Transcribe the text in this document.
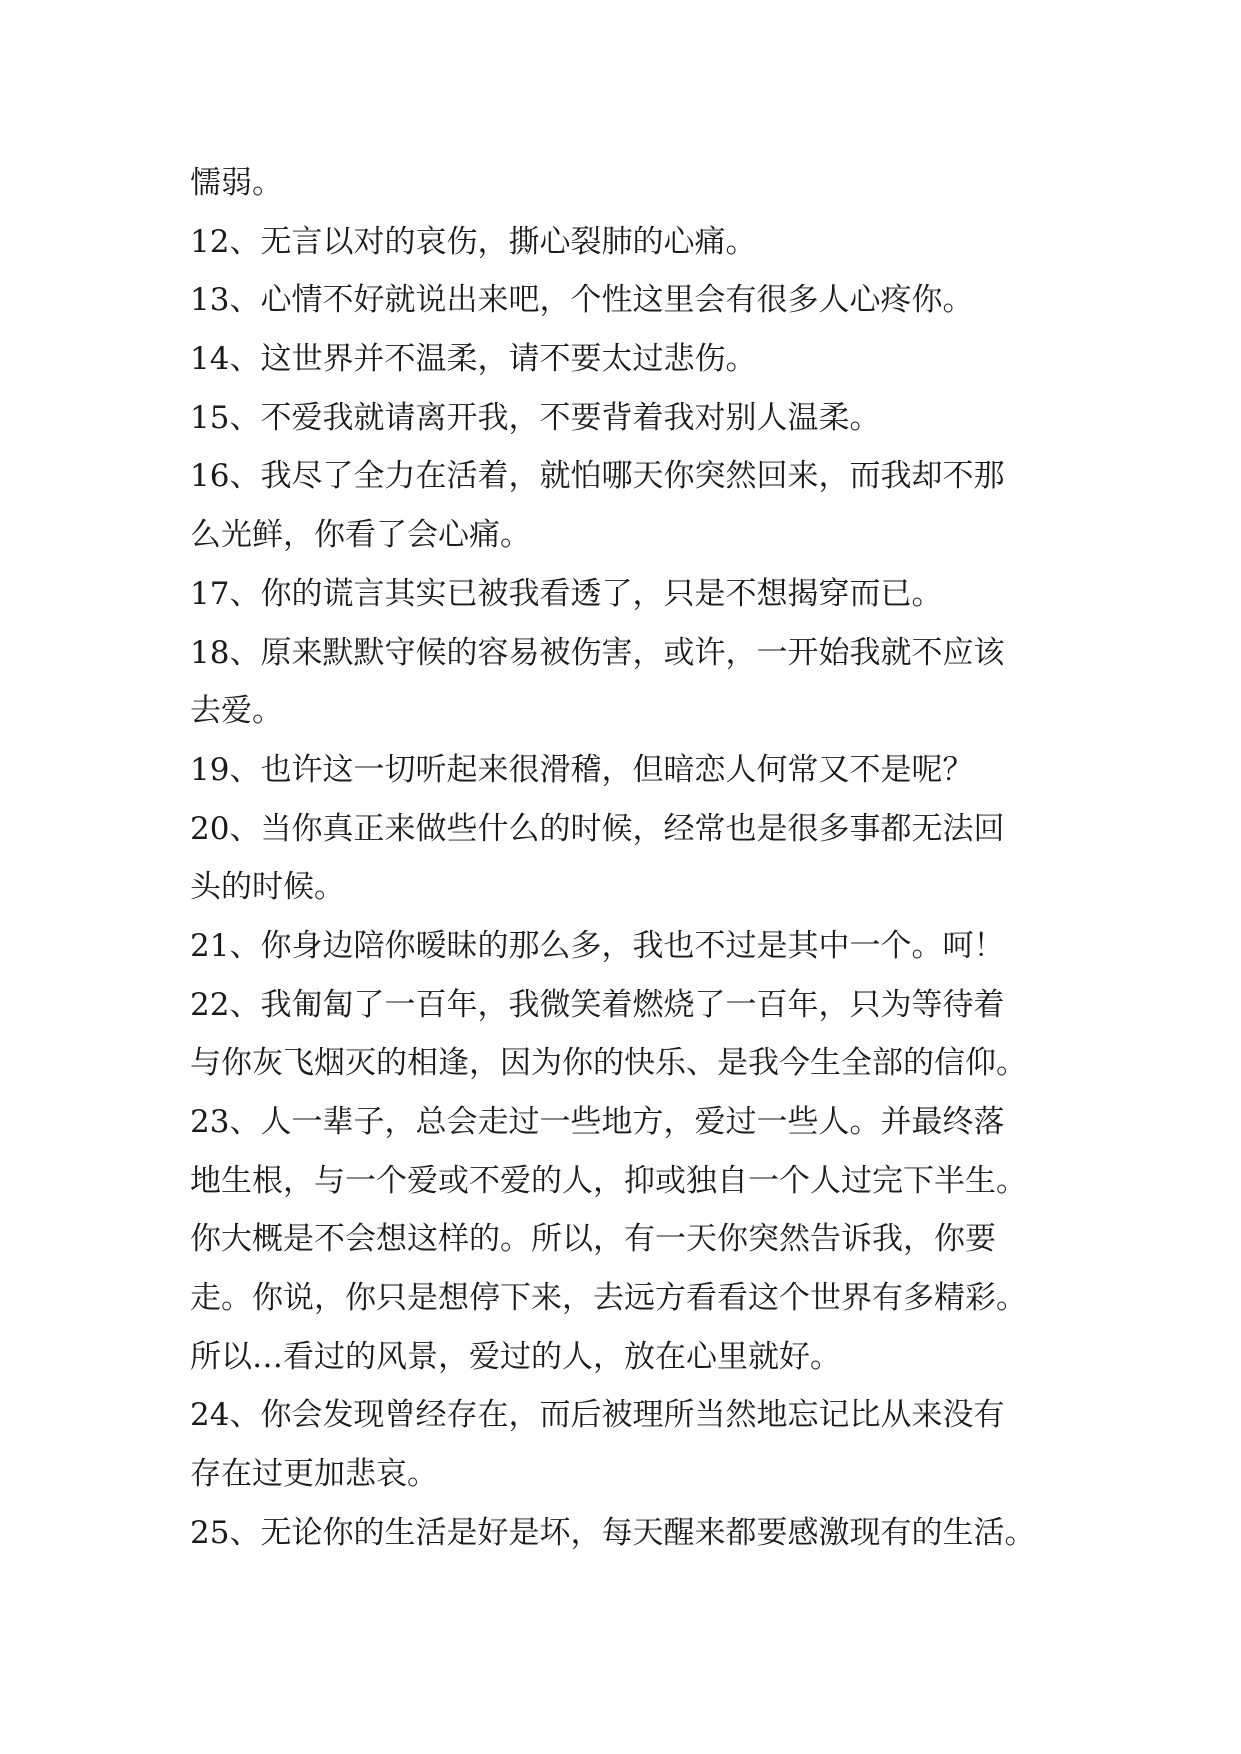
懦弱。
12、无言以对的哀伤，撕心裂肺的心痛。
13、心情不好就说出来吧，个性这里会有很多人心疼你。
14、这世界并不温柔，请不要太过悲伤。
15、不爱我就请离开我，不要背着我对别人温柔。
16、我尽了全力在活着，就怕哪天你突然回来，而我却不那
么光鲜，你看了会心痛。
17、你的谎言其实已被我看透了，只是不想揭穿而已。
18、原来默默守候的容易被伤害，或许，一开始我就不应该
去爱。
19、也许这一切听起来很滑稽，但暗恋人何常又不是呢？
20、当你真正来做些什么的时候，经常也是很多事都无法回
头的时候。
21、你身边陪你暧昧的那么多，我也不过是其中一个。呵！
22、我匍匐了一百年，我微笑着燃烧了一百年，只为等待着
与你灰飞烟灭的相逢，因为你的快乐、是我今生全部的信仰。
23、人一辈子，总会走过一些地方，爱过一些人。并最终落
地生根，与一个爱或不爱的人，抑或独自一个人过完下半生。
你大概是不会想这样的。所以，有一天你突然告诉我，你要
走。你说，你只是想停下来，去远方看看这个世界有多精彩。
所以…看过的风景，爱过的人，放在心里就好。
24、你会发现曾经存在，而后被理所当然地忘记比从来没有
存在过更加悲哀。
25、无论你的生活是好是坏，每天醒来都要感激现有的生活。
